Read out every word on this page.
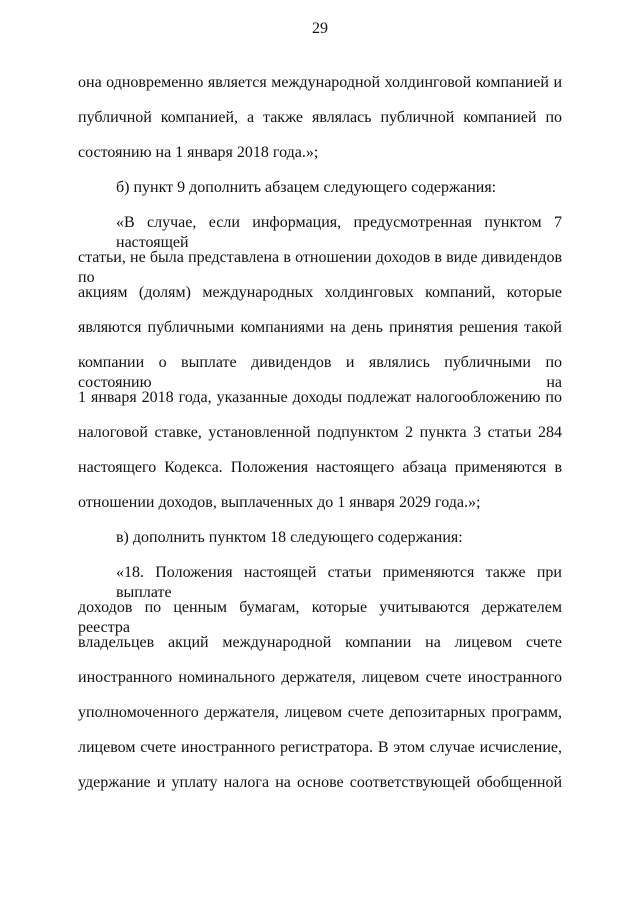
29
она одновременно является международной холдинговой компанией и
публичной компанией, а также являлась публичной компанией по
состоянию на 1 января 2018 года.»;
б) пункт 9 дополнить абзацем следующего содержания:
«В случае, если информация, предусмотренная пунктом 7 настоящей
статьи, не была представлена в отношении доходов в виде дивидендов по
акциям (долям) международных холдинговых компаний, которые
являются публичными компаниями на день принятия решения такой
компании о выплате дивидендов и являлись публичными по состоянию на
1 января 2018 года, указанные доходы подлежат налогообложению по
налоговой ставке, установленной подпунктом 2 пункта 3 статьи 284
настоящего Кодекса. Положения настоящего абзаца применяются в
отношении доходов, выплаченных до 1 января 2029 года.»;
в) дополнить пунктом 18 следующего содержания:
«18. Положения настоящей статьи применяются также при выплате
доходов по ценным бумагам, которые учитываются держателем реестра
владельцев акций международной компании на лицевом счете
иностранного номинального держателя, лицевом счете иностранного
уполномоченного держателя, лицевом счете депозитарных программ,
лицевом счете иностранного регистратора. В этом случае исчисление,
удержание и уплату налога на основе соответствующей обобщенной
